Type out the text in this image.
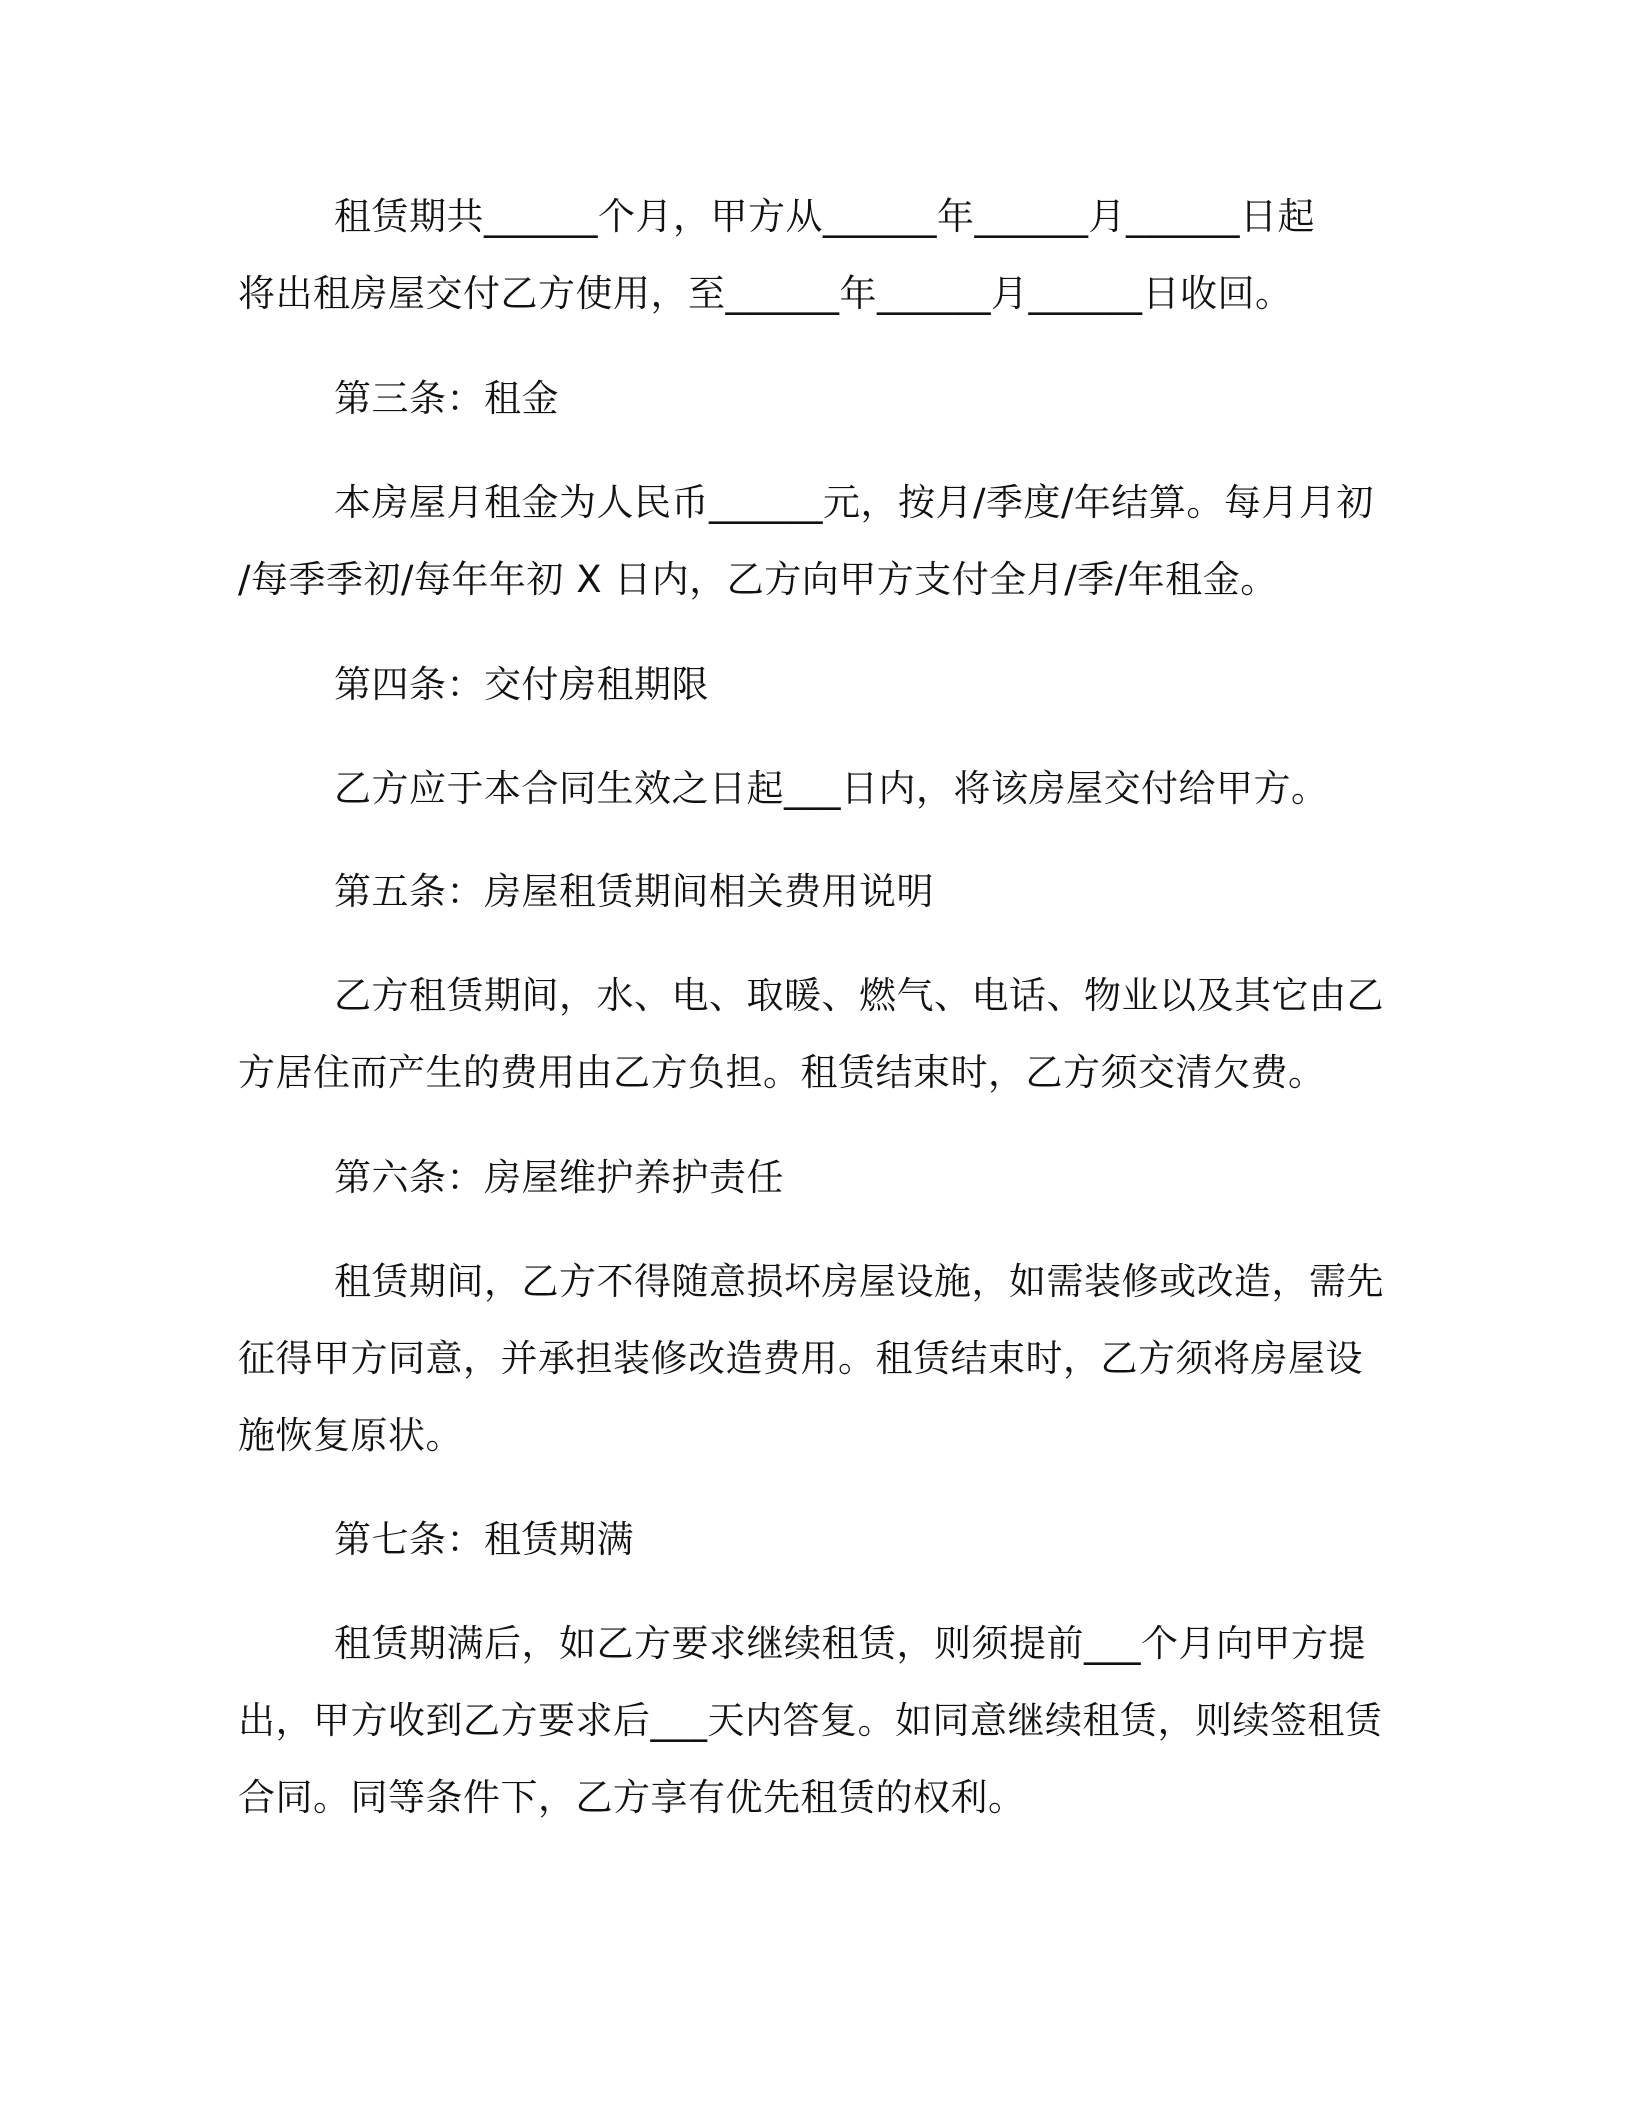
租赁期共______个月，甲方从______年______月______日起
将出租房屋交付乙方使用，至______年______月______日收回。

第三条：租金

本房屋月租金为人民币______元，按月/季度/年结算。每月月初
/每季季初/每年年初 X 日内，乙方向甲方支付全月/季/年租金。

第四条：交付房租期限

乙方应于本合同生效之日起___日内，将该房屋交付给甲方。

第五条：房屋租赁期间相关费用说明

乙方租赁期间，水、电、取暖、燃气、电话、物业以及其它由乙
方居住而产生的费用由乙方负担。租赁结束时，乙方须交清欠费。

第六条：房屋维护养护责任

租赁期间，乙方不得随意损坏房屋设施，如需装修或改造，需先
征得甲方同意，并承担装修改造费用。租赁结束时，乙方须将房屋设
施恢复原状。

第七条：租赁期满

租赁期满后，如乙方要求继续租赁，则须提前___个月向甲方提
出，甲方收到乙方要求后___天内答复。如同意继续租赁，则续签租赁
合同。同等条件下，乙方享有优先租赁的权利。
